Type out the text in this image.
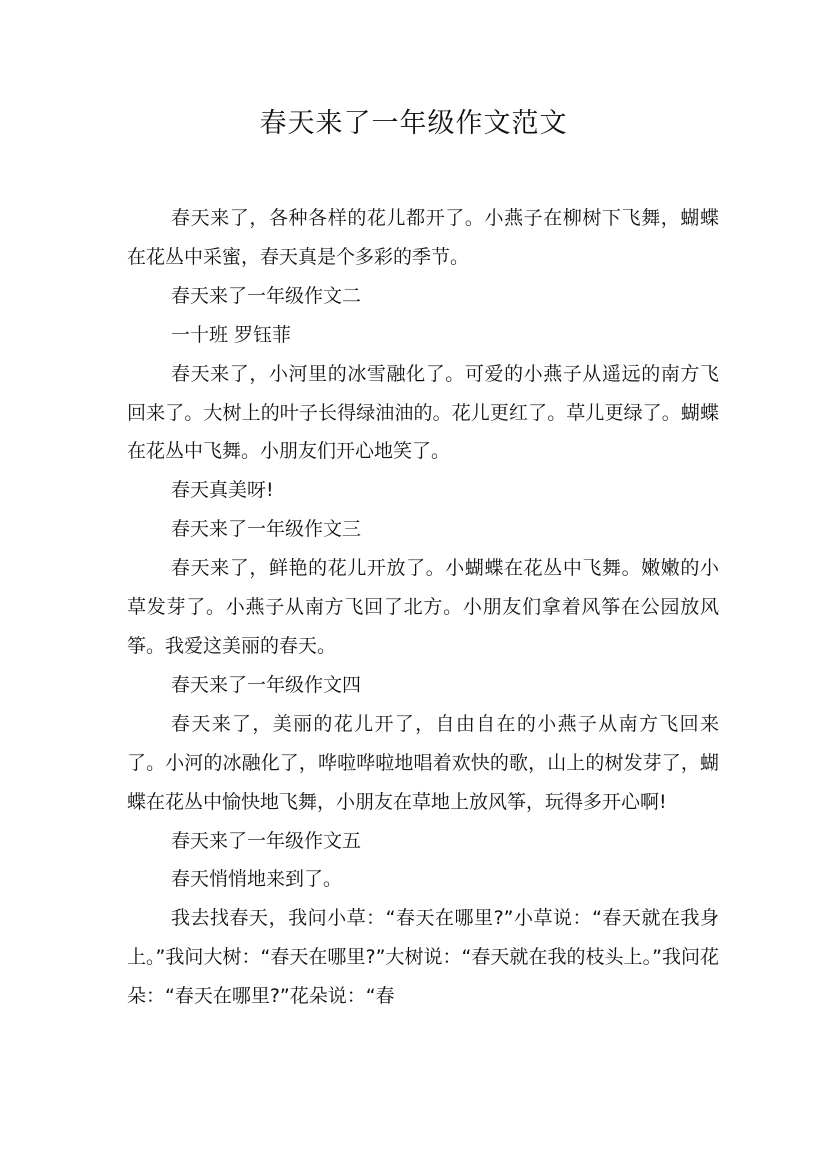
春天来了一年级作文范文

春天来了，各种各样的花儿都开了。小燕子在柳树下飞舞，蝴蝶在花丛中采蜜，春天真是个多彩的季节。

春天来了一年级作文二

一十班 罗钰菲

春天来了，小河里的冰雪融化了。可爱的小燕子从遥远的南方飞回来了。大树上的叶子长得绿油油的。花儿更红了。草儿更绿了。蝴蝶在花丛中飞舞。小朋友们开心地笑了。

春天真美呀!

春天来了一年级作文三

春天来了，鲜艳的花儿开放了。小蝴蝶在花丛中飞舞。嫩嫩的小草发芽了。小燕子从南方飞回了北方。小朋友们拿着风筝在公园放风筝。我爱这美丽的春天。

春天来了一年级作文四

春天来了，美丽的花儿开了，自由自在的小燕子从南方飞回来了。小河的冰融化了，哗啦哗啦地唱着欢快的歌，山上的树发芽了，蝴蝶在花丛中愉快地飞舞，小朋友在草地上放风筝，玩得多开心啊!

春天来了一年级作文五

春天悄悄地来到了。

我去找春天，我问小草：“春天在哪里?”小草说：“春天就在我身上。”我问大树：“春天在哪里?”大树说：“春天就在我的枝头上。”我问花朵：“春天在哪里?”花朵说：“春
